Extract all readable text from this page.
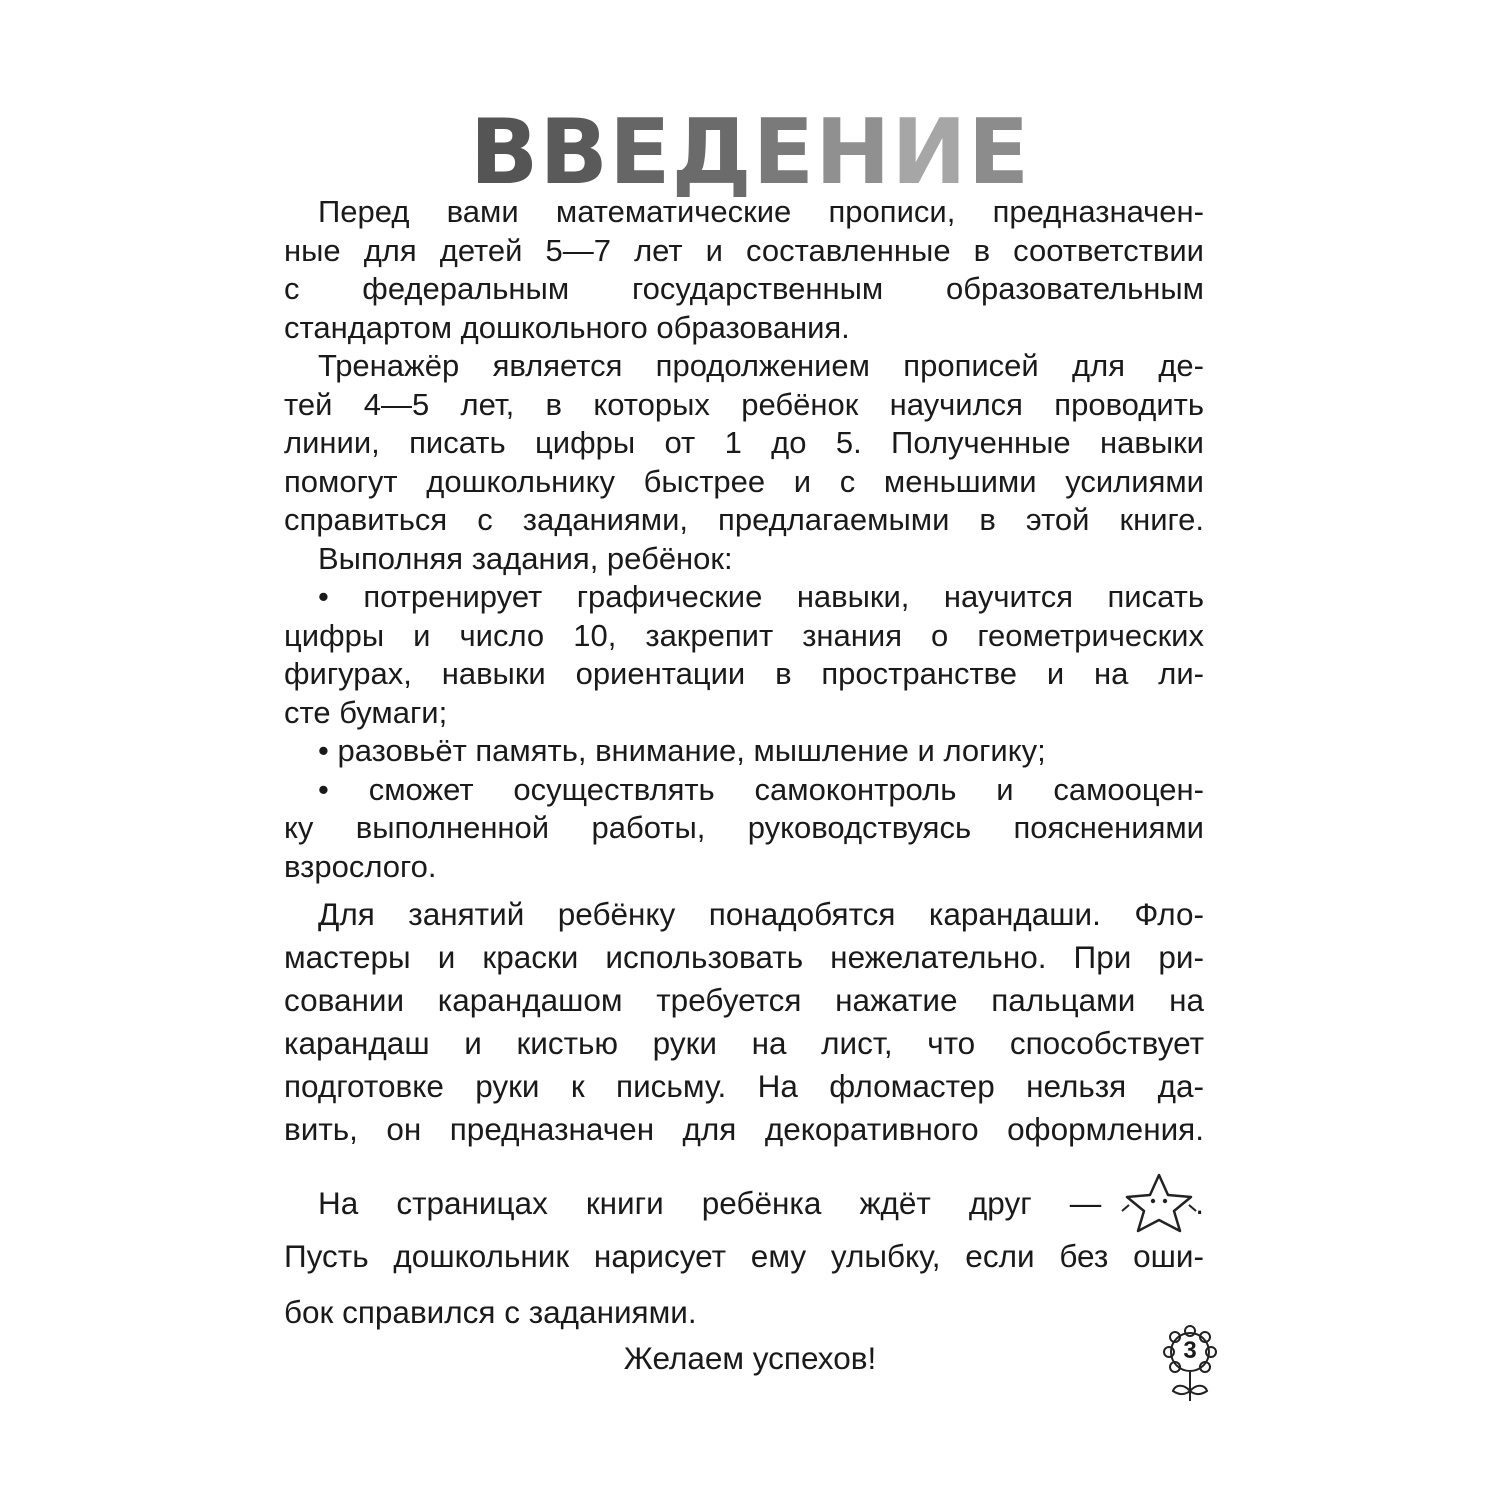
ВВЕДЕНИЕ
Перед вами математические прописи, предназначен-
ные для детей 5—7 лет и составленные в соответствии
с федеральным государственным образовательным
стандартом дошкольного образования.
Тренажёр является продолжением прописей для де-
тей 4—5 лет, в которых ребёнок научился проводить
линии, писать цифры от 1 до 5. Полученные навыки
помогут дошкольнику быстрее и с меньшими усилиями
справиться с заданиями, предлагаемыми в этой книге.
Выполняя задания, ребёнок:
• потренирует графические навыки, научится писать
цифры и число 10, закрепит знания о геометрических
фигурах, навыки ориентации в пространстве и на ли-
сте бумаги;
• разовьёт память, внимание, мышление и логику;
• сможет осуществлять самоконтроль и самооцен-
ку выполненной работы, руководствуясь пояснениями
взрослого.
Для занятий ребёнку понадобятся карандаши. Фло-
мастеры и краски использовать нежелательно. При ри-
совании карандашом требуется нажатие пальцами на
карандаш и кистью руки на лист, что способствует
подготовке руки к письму. На фломастер нельзя да-
вить, он предназначен для декоративного оформления.
На страницах книги ребёнка ждёт друг —	.
Пусть дошкольник нарисует ему улыбку, если без оши-
бок справился с заданиями.
Желаем успехов!	3
